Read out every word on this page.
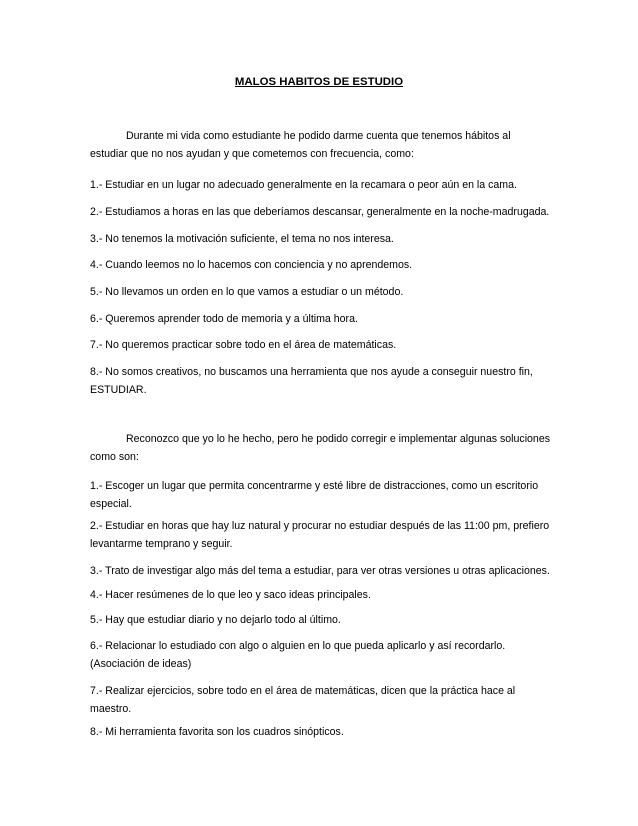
MALOS HABITOS DE ESTUDIO

Durante mi vida como estudiante he podido darme cuenta que tenemos hábitos al estudiar que no nos ayudan y que cometemos con frecuencia, como:

1.- Estudiar en un lugar no adecuado generalmente en la recamara o peor aún en la cama.

2.- Estudiamos a horas en las que deberíamos descansar, generalmente en la noche-madrugada.

3.- No tenemos la motivación suficiente, el tema no nos interesa.

4.- Cuando leemos no lo hacemos con conciencia y no aprendemos.

5.- No llevamos un orden en lo que vamos a estudiar o un método.

6.- Queremos aprender todo de memoria y a última hora.

7.- No queremos practicar sobre todo en el área de matemáticas.

8.- No somos creativos, no buscamos una herramienta que nos ayude a conseguir nuestro fin, ESTUDIAR.

Reconozco que yo lo he hecho, pero he podido corregir e implementar algunas soluciones como son:

1.- Escoger un lugar que permita concentrarme y esté libre de distracciones, como un escritorio especial.

2.- Estudiar en horas que hay luz natural y procurar no estudiar después de las 11:00 pm, prefiero levantarme temprano y seguir.

3.- Trato de investigar algo más del tema a estudiar, para ver otras versiones u otras aplicaciones.

4.- Hacer resúmenes de lo que leo y saco ideas principales.

5.- Hay que estudiar diario y no dejarlo todo al último.

6.- Relacionar lo estudiado con algo o alguien en lo que pueda aplicarlo y así recordarlo.

(Asociación de ideas)

7.- Realizar ejercicios, sobre todo en el área de matemáticas, dicen que la práctica hace al maestro.

8.- Mi herramienta favorita son los cuadros sinópticos.
